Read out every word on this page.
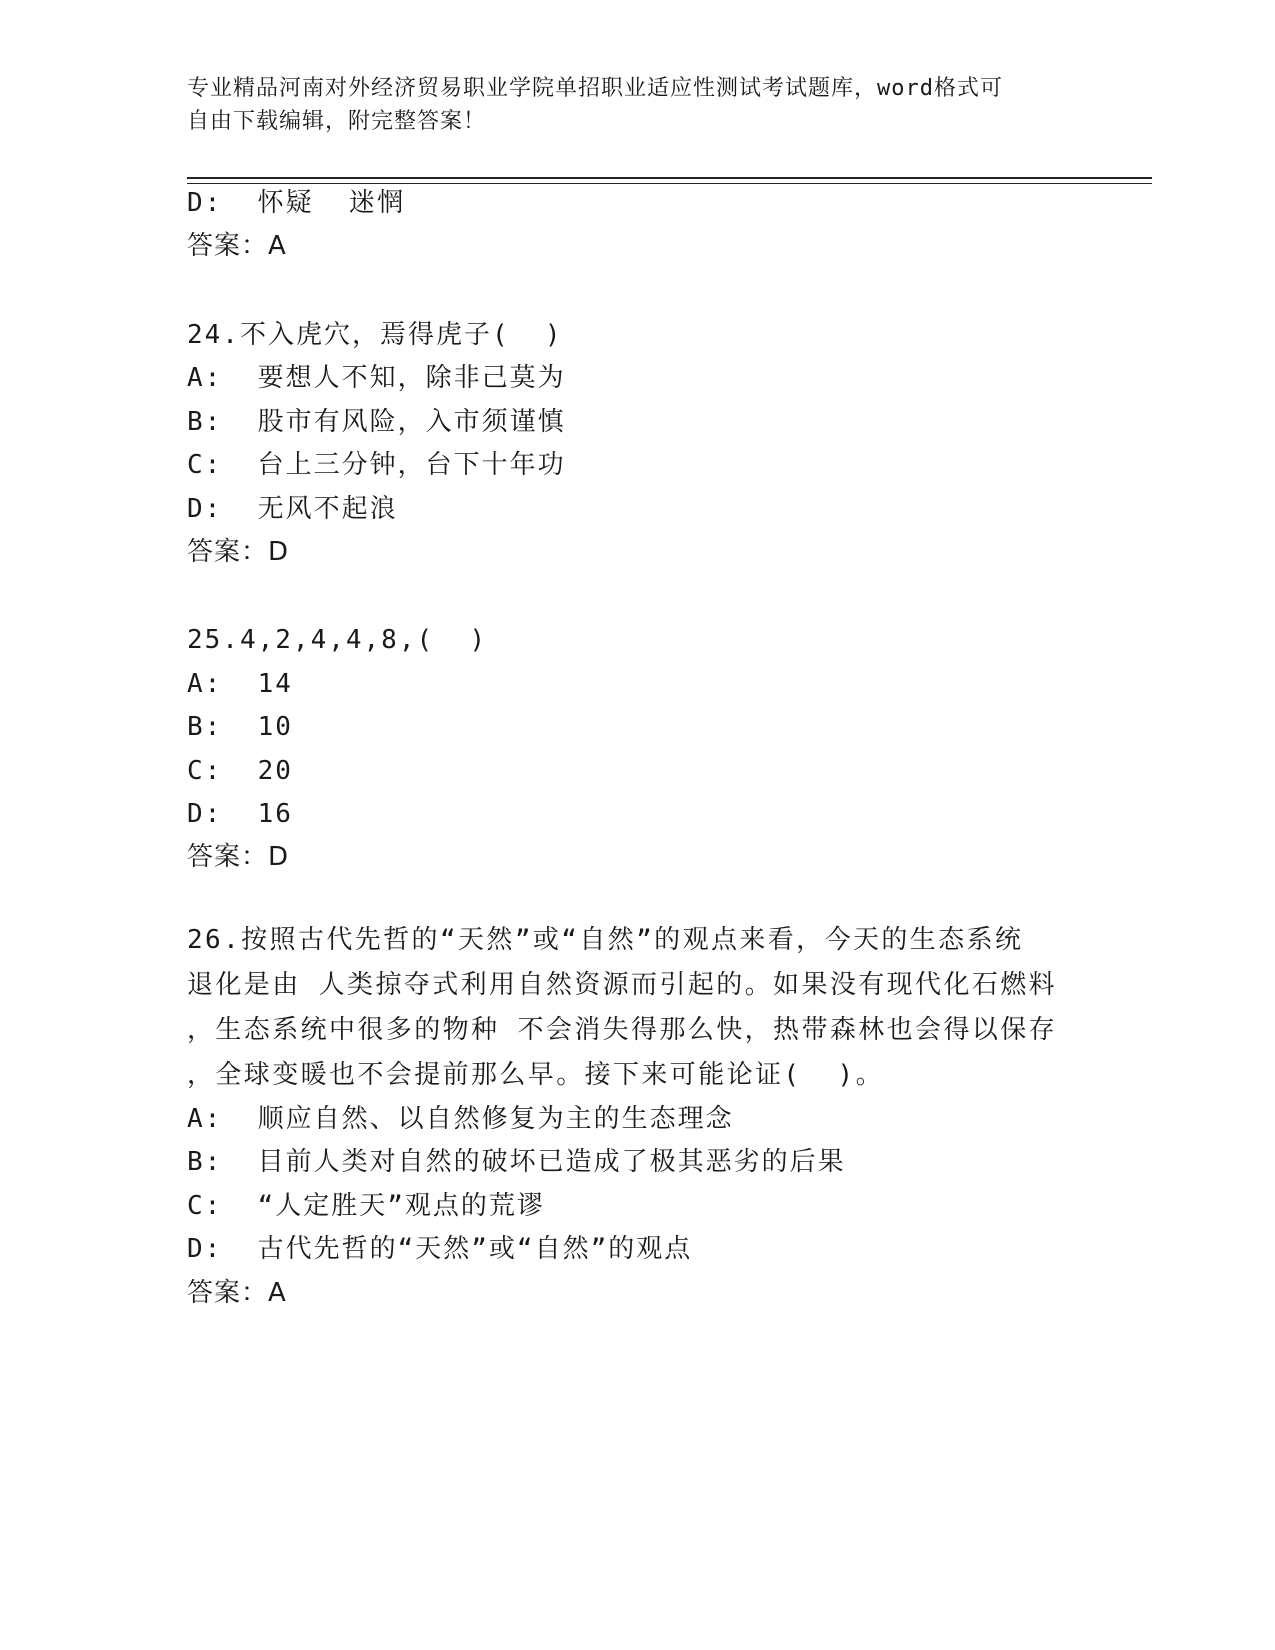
专业精品河南对外经济贸易职业学院单招职业适应性测试考试题库，word格式可
自由下载编辑，附完整答案！
D:  怀疑  迷惘
答案：A
24.不入虎穴，焉得虎子(  )
A:  要想人不知，除非己莫为
B:  股市有风险，入市须谨慎
C:  台上三分钟，台下十年功
D:  无风不起浪
答案：D
25.4,2,4,4,8,(  )
A:  14
B:  10
C:  20
D:  16
答案：D
26.按照古代先哲的“天然”或“自然”的观点来看，今天的生态系统
退化是由 人类掠夺式利用自然资源而引起的。如果没有现代化石燃料
，生态系统中很多的物种 不会消失得那么快，热带森林也会得以保存
，全球变暖也不会提前那么早。接下来可能论证(  )。
A:  顺应自然、以自然修复为主的生态理念
B:  目前人类对自然的破坏已造成了极其恶劣的后果
C:  “人定胜天”观点的荒谬
D:  古代先哲的“天然”或“自然”的观点
答案：A
